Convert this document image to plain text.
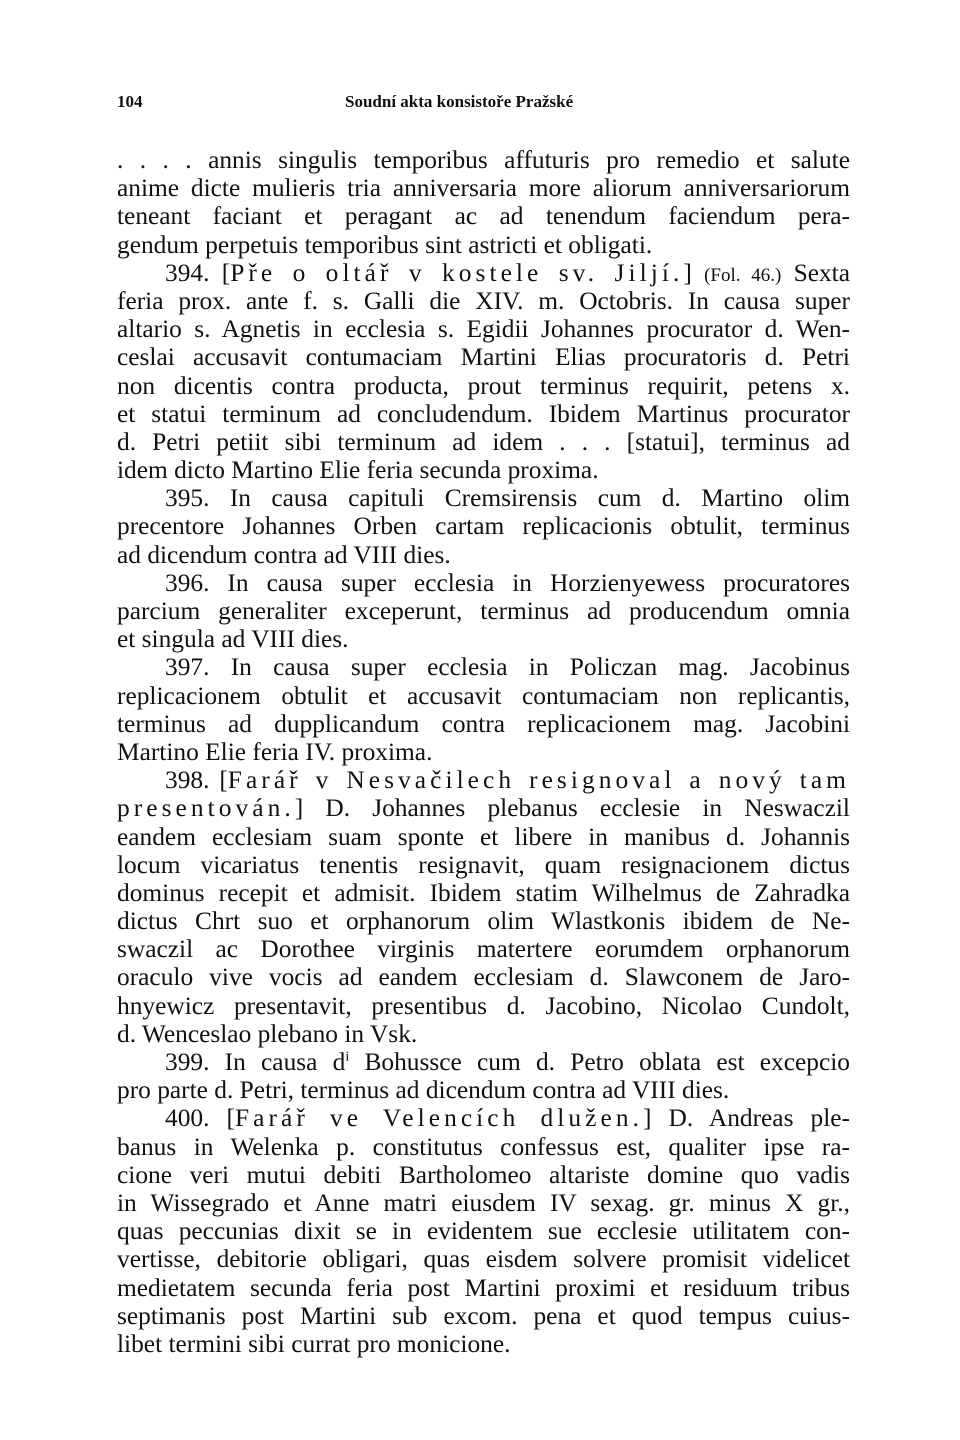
104	Soudní akta konsistoře Pražské
. . . . annis singulis temporibus affuturis pro remedio et salute
anime dicte mulieris tria anniversaria more aliorum anniversariorum
teneant faciant et peragant ac ad tenendum faciendum pera-
gendum perpetuis temporibus sint astricti et obligati.
394. [Pře o oltář v kostele sv. Jiljí.] (Fol. 46.) Sexta
feria prox. ante f. s. Galli die XIV. m. Octobris. In causa super
altario s. Agnetis in ecclesia s. Egidii Johannes procurator d. Wen-
ceslai accusavit contumaciam Martini Elias procuratoris d. Petri
non dicentis contra producta, prout terminus requirit, petens x.
et statui terminum ad concludendum. Ibidem Martinus procurator
d. Petri petiit sibi terminum ad idem . . . [statui], terminus ad
idem dicto Martino Elie feria secunda proxima.
395. In causa capituli Cremsirensis cum d. Martino olim
precentore Johannes Orben cartam replicacionis obtulit, terminus
ad dicendum contra ad VIII dies.
396. In causa super ecclesia in Horzienyewess procuratores
parcium generaliter exceperunt, terminus ad producendum omnia
et singula ad VIII dies.
397. In causa super ecclesia in Policzan mag. Jacobinus
replicacionem obtulit et accusavit contumaciam non replicantis,
terminus ad dupplicandum contra replicacionem mag. Jacobini
Martino Elie feria IV. proxima.
398. [Farář v Nesvačilech resignoval a nový tam
presentován.] D. Johannes plebanus ecclesie in Neswaczil
eandem ecclesiam suam sponte et libere in manibus d. Johannis
locum vicariatus tenentis resignavit, quam resignacionem dictus
dominus recepit et admisit. Ibidem statim Wilhelmus de Zahradka
dictus Chrt suo et orphanorum olim Wlastkonis ibidem de Ne-
swaczil ac Dorothee virginis matertere eorumdem orphanorum
oraculo vive vocis ad eandem ecclesiam d. Slawconem de Jaro-
hnyewicz presentavit, presentibus d. Jacobino, Nicolao Cundolt,
d. Wenceslao plebano in Vsk.
399. In causa $d^i$ Bohussce cum d. Petro oblata est excepcio
pro parte d. Petri, terminus ad dicendum contra ad VIII dies.
400. [Farář ve Velencích dlužen.] D. Andreas ple-
banus in Welenka p. constitutus confessus est, qualiter ipse ra-
cione veri mutui debiti Bartholomeo altariste domine quo vadis
in Wissegrado et Anne matri eiusdem IV sexag. gr. minus X gr.,
quas peccunias dixit se in evidentem sue ecclesie utilitatem con-
vertisse, debitorie obligari, quas eisdem solvere promisit videlicet
medietatem secunda feria post Martini proximi et residuum tribus
septimanis post Martini sub excom. pena et quod tempus cuius-
libet termini sibi currat pro monicione.
